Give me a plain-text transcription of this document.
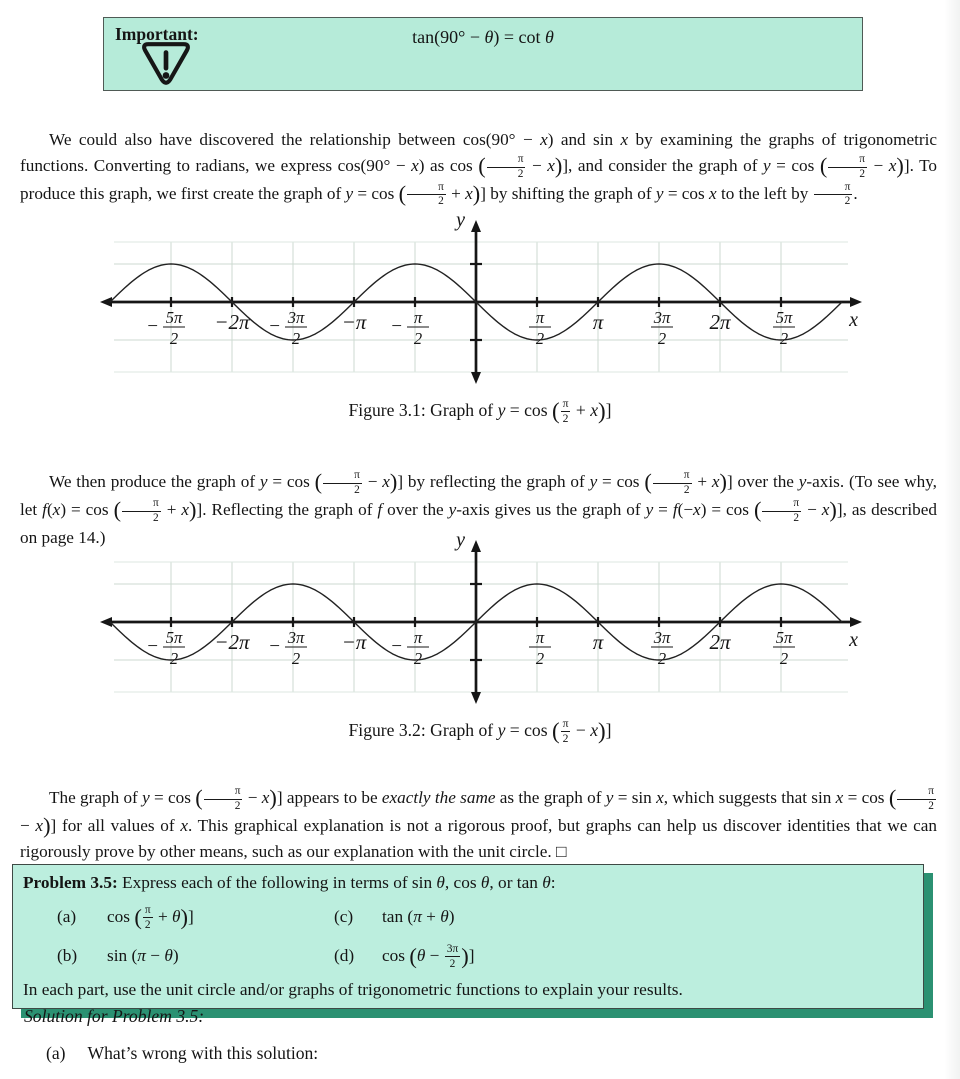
Important:	tan(90° − θ) = cot θ

We could also have discovered the relationship between cos(90° − x) and sin x by examining the graphs of trigonometric functions. Converting to radians, we express cos(90° − x) as cos ( $\frac{\pi}{2} - x$)], and consider the graph of y = cos ( $\frac{\pi}{2} - x$)]. To produce this graph, we first create the graph of y = cos ( $\frac{\pi}{2} + x$)] by shifting the graph of y = cos x to the left by $\frac{\pi}{2}$ .

− 5π
2
−2π − 3π
2
−π − π
2
π
2
π	3π
2
2π	5π
2
x
y
Figure 3.1: Graph of y = cos ( $\frac{\pi}{2} + x$)]

We then produce the graph of y = cos ( $\frac{\pi}{2} - x$)] by reflecting the graph of y = cos ( $\frac{\pi}{2} + x$)] over the y-axis. (To see why, let f(x) = cos ( $\frac{\pi}{2} + x$)]. Reflecting the graph of f over the y-axis gives us the graph of y = f(−x) = cos ( $\frac{\pi}{2} - x$)], as described on page 14.)

− 5π
2
−2π − 3π
2
−π − π
2
π
2
π	3π
2
2π	5π
2
x
y
Figure 3.2: Graph of y = cos ( $\frac{\pi}{2} - x$)]

The graph of y = cos ( $\frac{\pi}{2} - x$)] appears to be exactly the same as the graph of y = sin x, which suggests that sin x = cos ( $\frac{\pi}{2}$
− x)] for all values of x. This graphical explanation is not a rigorous proof, but graphs can help us discover identities that we can rigorously prove by other means, such as our explanation with the unit circle. □

Problem 3.5: Express each of the following in terms of sin θ, cos θ, or tan θ:
(a)	cos ( $\frac{\pi}{2} + \theta$)]	(c)	tan (π + θ)
(b)	sin (π − θ)	(d)	$\cos (\theta - \frac{3\pi}{2}$ )]
In each part, use the unit circle and/or graphs of trigonometric functions to explain your results.
Solution for Problem 3.5:
(a) What’s wrong with this solution:
